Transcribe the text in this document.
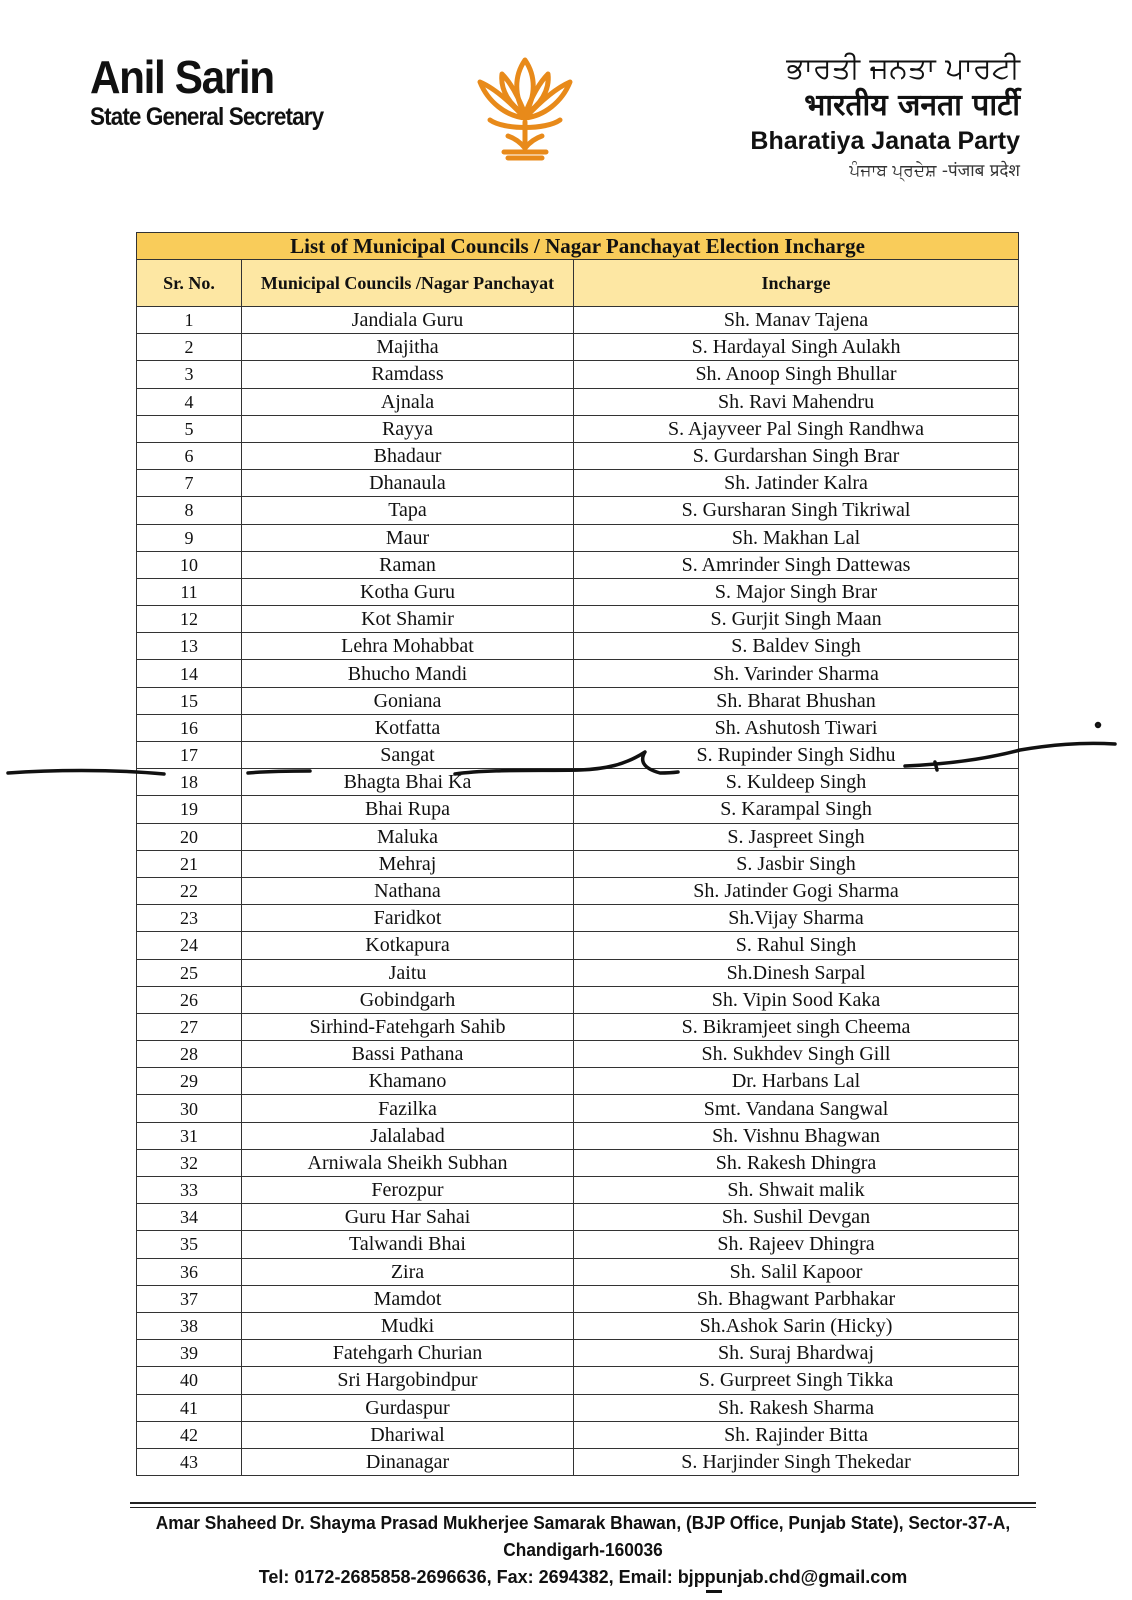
Anil Sarin
State General Secretary
ਭਾਰਤੀ ਜਨਤਾ ਪਾਰਟੀ
भारतीय जनता पार्टी
Bharatiya Janata Party
ਪੰਜਾਬ ਪ੍ਰਦੇਸ਼ -पंजाब प्रदेश
List of Municipal Councils / Nagar Panchayat Election Incharge		
Sr. No.	Municipal Councils /Nagar Panchayat	Incharge
1	Jandiala Guru	Sh. Manav Tajena
2	Majitha	S. Hardayal Singh Aulakh
3	Ramdass	Sh. Anoop Singh Bhullar
4	Ajnala	Sh. Ravi Mahendru
5	Rayya	S. Ajayveer Pal Singh Randhwa
6	Bhadaur	S. Gurdarshan Singh Brar
7	Dhanaula	Sh. Jatinder Kalra
8	Tapa	S. Gursharan Singh Tikriwal
9	Maur	Sh. Makhan Lal
10	Raman	S. Amrinder Singh Dattewas
11	Kotha Guru	S. Major Singh Brar
12	Kot Shamir	S. Gurjit Singh Maan
13	Lehra Mohabbat	S. Baldev Singh
14	Bhucho Mandi	Sh. Varinder Sharma
15	Goniana	Sh. Bharat Bhushan
16	Kotfatta	Sh. Ashutosh Tiwari
17	Sangat	S. Rupinder Singh Sidhu
18	Bhagta Bhai Ka	S. Kuldeep Singh
19	Bhai Rupa	S. Karampal Singh
20	Maluka	S. Jaspreet Singh
21	Mehraj	S. Jasbir Singh
22	Nathana	Sh. Jatinder Gogi Sharma
23	Faridkot	Sh.Vijay Sharma
24	Kotkapura	S. Rahul Singh
25	Jaitu	Sh.Dinesh Sarpal
26	Gobindgarh	Sh. Vipin Sood Kaka
27	Sirhind-Fatehgarh Sahib	S. Bikramjeet singh Cheema
28	Bassi Pathana	Sh. Sukhdev Singh Gill
29	Khamano	Dr. Harbans Lal
30	Fazilka	Smt. Vandana Sangwal
31	Jalalabad	Sh. Vishnu Bhagwan
32	Arniwala Sheikh Subhan	Sh. Rakesh Dhingra
33	Ferozpur	Sh. Shwait malik
34	Guru Har Sahai	Sh. Sushil Devgan
35	Talwandi Bhai	Sh. Rajeev Dhingra
36	Zira	Sh. Salil Kapoor
37	Mamdot	Sh. Bhagwant Parbhakar
38	Mudki	Sh.Ashok Sarin (Hicky)
39	Fatehgarh Churian	Sh. Suraj Bhardwaj
40	Sri Hargobindpur	S. Gurpreet Singh Tikka
41	Gurdaspur	Sh. Rakesh Sharma
42	Dhariwal	Sh. Rajinder Bitta
43	Dinanagar	S. Harjinder Singh Thekedar
Amar Shaheed Dr. Shayma Prasad Mukherjee Samarak Bhawan, (BJP Office, Punjab State), Sector-37-A, Chandigarh-160036
Tel: 0172-2685858-2696636, Fax: 2694382, Email: bjppunjab.chd@gmail.com
